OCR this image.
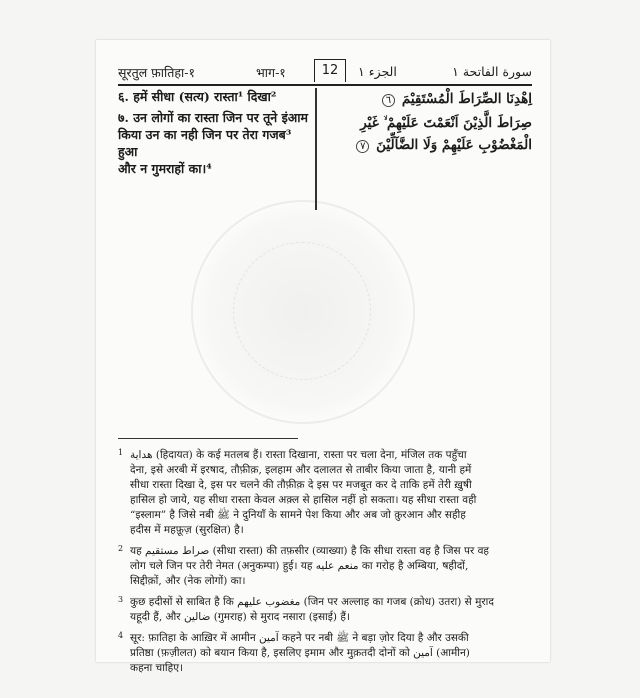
सूरतुल फ़ातिहा-१	भाग-१	12	الجزء ١	سورة الفاتحة ١

६. हमें सीधा (सत्य) रास्ता¹ दिखा²

७. उन लोगों का रास्ता जिन पर तूने इंआम

किया उन का नही जिन पर तेरा गजब³ हुआ

और न गुमराहों का।⁴

اِهْدِنَا الصِّرَاطَ الْمُسْتَقِيْمَ ٦

صِرَاطَ الَّذِيْنَ اَنْعَمْتَ عَلَيْهِمْ ۙ غَيْرِ الْمَغْضُوْبِ عَلَيْهِمْ وَلَا الضَّآلِّيْنَ ٧

1 هداية (हिदायत) के कई मतलब हैं। रास्ता दिखाना, रास्ता पर चला देना, मंजिल तक पहुँचा
देना, इसे अरबी में इरषाद, तौफ़ीक़, इलहाम और दलालत से ताबीर किया जाता है, यानी हमें
सीधा रास्ता दिखा दे, इस पर चलने की तौफ़ीक़ दे इस पर मजबूत कर दे ताकि हमें तेरी ख़ुषी
हासिल हो जाये, यह सीधा रास्ता केवल अक़्ल से हासिल नहीं हो सकता। यह सीधा रास्ता वही
“इस्लाम” है जिसे नबी ﷺ ने दुनियाँ के सामने पेश किया और अब जो क़ुरआन और सहीह
हदीस में महफ़ूज़ (सुरक्षित) है।
2 यह صراط مستقيم (सीधा रास्ता) की तफ़सीर (व्याख्या) है कि सीधा रास्ता वह है जिस पर वह
लोग चले जिन पर तेरी नेमत (अनुकम्पा) हुई। यह منعم عليه का गरोह है अम्बिया, षहीदों,
सिद्दीक़ों, और (नेक लोगों) का।
3 कुछ हदीसों से साबित है कि مغضوب عليهم (जिन पर अल्लाह का गजब (क्रोध) उतरा) से मुराद
यहूदी हैं, और ضالين (गुमराह) से मुराद नसारा (इसाई) हैं।
4 सूर: फ़ातिहा के आख़िर में आमीन آمين कहने पर नबी ﷺ ने बड़ा ज़ोर दिया है और उसकी
प्रतिष्ठा (फ़ज़ीलत) को बयान किया है, इसलिए इमाम और मुक़तदी दोनों को آمين (आमीन)
कहना चाहिए।
